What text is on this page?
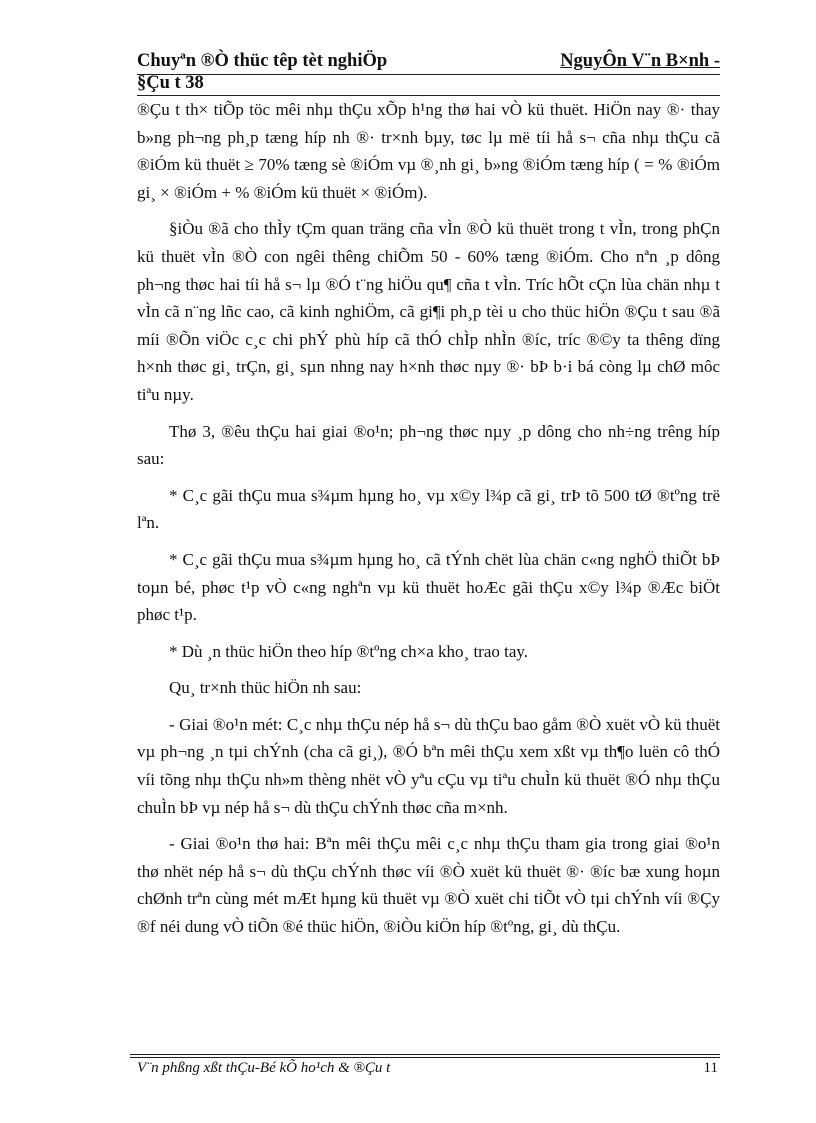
Chuyªn ®Ò thüc têp tèt nghiÖp	NguyÔn V¨n B×nh -
§Çu t 38

®Çu t th× tiÕp töc mêi nhµ thÇu xÕp h¹ng thø hai vÒ kü thuët. HiÖn nay ®· thay b»ng ph¬ng ph¸p tæng híp nh ®· tr×nh bµy, tøc lµ më tíi hå s¬ cña nhµ thÇu cã ®iÓm kü thuët ≥ 70% tæng sè ®iÓm vµ ®¸nh gi¸ b»ng ®iÓm tæng híp ( = % ®iÓm gi¸ × ®iÓm + % ®iÓm kü thuët × ®iÓm).

§iÒu ®ã cho thÌy tÇm quan träng cña vÌn ®Ò kü thuët trong t vÌn, trong phÇn kü thuët vÌn ®Ò con ngêi thêng chiÕm 50 - 60% tæng ®iÓm. Cho nªn ¸p dông ph¬ng thøc hai tíi hå s¬ lµ ®Ó t¨ng hiÖu qu¶ cña t vÌn. Tríc hÕt cÇn lùa chän nhµ t vÌn cã n¨ng lñc cao, cã kinh nghiÖm, cã gi¶i ph¸p tèi u cho thüc hiÖn ®Çu t sau ®ã míi ®Õn viÖc c¸c chi phÝ phù híp cã thÓ chÌp nhÌn ®íc, tríc ®©y ta thêng dïng h×nh thøc gi¸ trÇn, gi¸ sµn nhng nay h×nh thøc nµy ®· bÞ b·i bá còng lµ chØ môc tiªu nµy.

Thø 3, ®êu thÇu hai giai ®o¹n; ph¬ng thøc nµy ¸p dông cho nh÷ng trêng híp sau:

* C¸c gãi thÇu mua s¾µm hµng ho¸ vµ x©y l¾p cã gi¸ trÞ tõ 500 tØ ®tºng trë lªn.

* C¸c gãi thÇu mua s¾µm hµng ho¸ cã tÝnh chët lùa chän c«ng nghÖ thiÕt bÞ toµn bé, phøc t¹p vÒ c«ng nghªn vµ kü thuët hoÆc gãi thÇu x©y l¾p ®Æc biÖt phøc t¹p.

* Dù ¸n thüc hiÖn theo híp ®tºng ch×a kho¸ trao tay.

Qu¸ tr×nh thüc hiÖn nh sau:

- Giai ®o¹n mét: C¸c nhµ thÇu nép hå s¬ dù thÇu bao gåm ®Ò xuët vÒ kü thuët vµ ph¬ng ¸n tµi chÝnh (cha cã gi¸), ®Ó bªn mêi thÇu xem xßt vµ th¶o luën cô thÓ víi tõng nhµ thÇu nh»m thèng nhët vÒ yªu cÇu vµ tiªu chuÌn kü thuët ®Ó nhµ thÇu chuÌn bÞ vµ nép hå s¬ dù thÇu chÝnh thøc cña m×nh.

- Giai ®o¹n thø hai: Bªn mêi thÇu mêi c¸c nhµ thÇu tham gia trong giai ®o¹n thø nhët nép hå s¬ dù thÇu chÝnh thøc víi ®Ò xuët kü thuët ®· ®íc bæ xung hoµn chØnh trªn cùng mét mÆt hµng kü thuët vµ ®Ò xuët chi tiÕt vÒ tµi chÝnh víi ®Çy ®f néi dung vÒ tiÕn ®é thüc hiÖn, ®iÒu kiÖn híp ®tºng, gi¸ dù thÇu.

V¨n phßng xßt thÇu-Bé kÕ ho¹ch & ®Çu t	11
